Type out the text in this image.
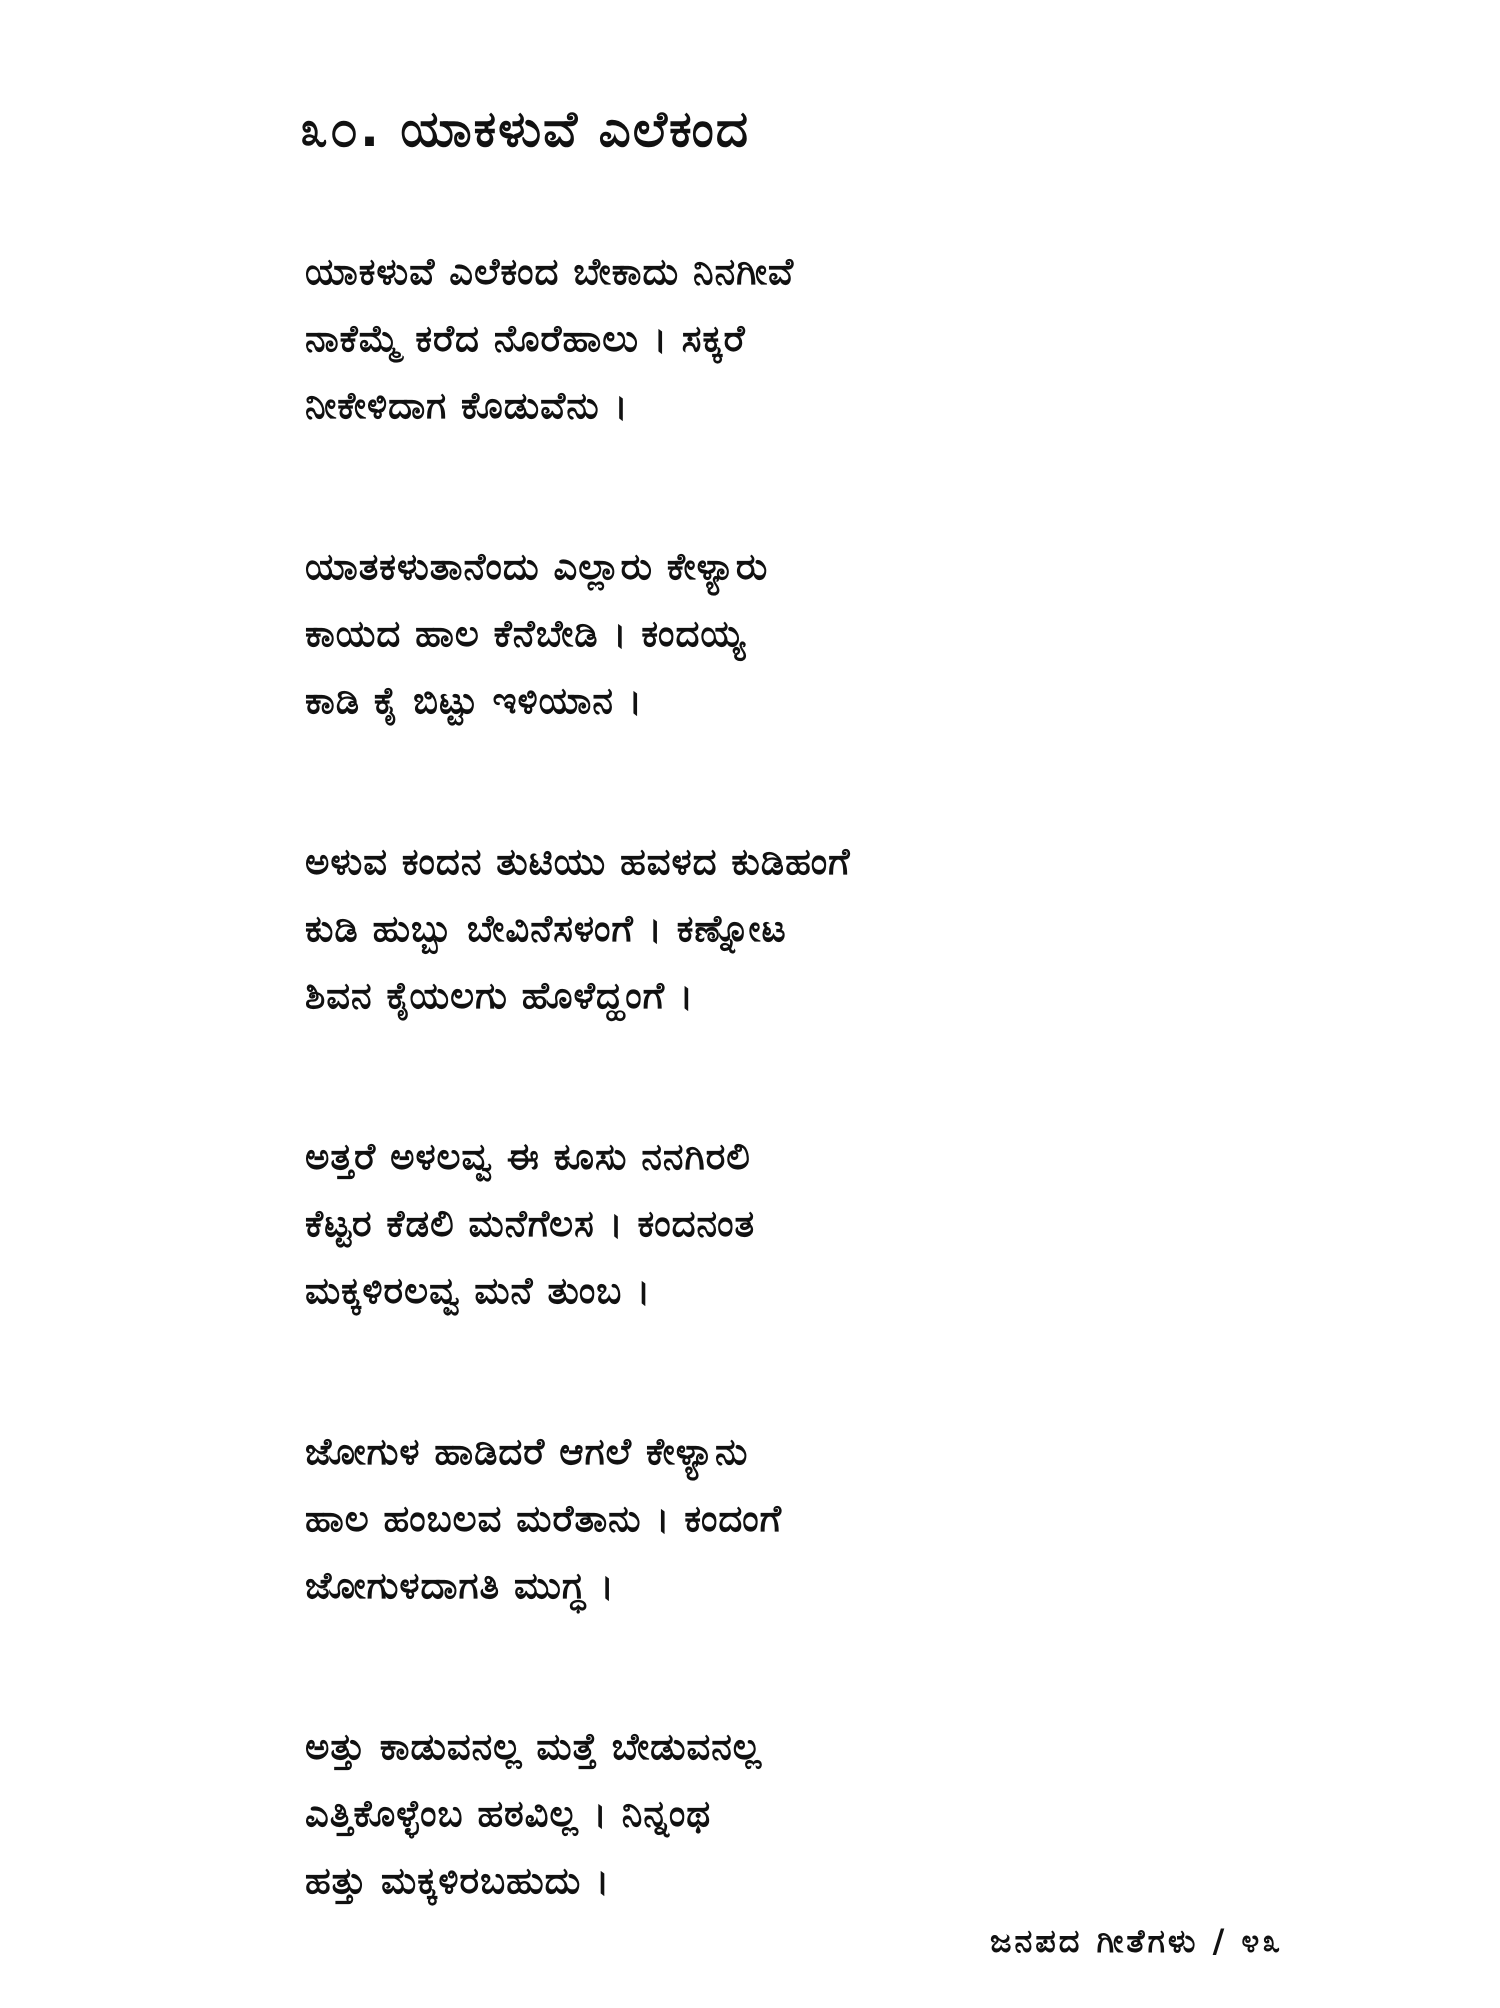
೩೦. ಯಾಕಳುವೆ ಎಲೆಕಂದ
ಯಾಕಳುವೆ ಎಲೆಕಂದ ಬೇಕಾದು ನಿನಗೀವೆ
ನಾಕೆಮ್ಮೆ ಕರೆದ ನೊರೆಹಾಲು । ಸಕ್ಕರೆ
ನೀಕೇಳಿದಾಗ ಕೊಡುವೆನು ।
ಯಾತಕಳುತಾನೆಂದು ಎಲ್ಲಾರು ಕೇಳ್ಯಾರು
ಕಾಯದ ಹಾಲ ಕೆನೆಬೇಡಿ । ಕಂದಯ್ಯ
ಕಾಡಿ ಕೈ ಬಿಟ್ಟು ಇಳಿಯಾನ ।
ಅಳುವ ಕಂದನ ತುಟಿಯು ಹವಳದ ಕುಡಿಹಂಗೆ
ಕುಡಿ ಹುಬ್ಬು ಬೇವಿನೆಸಳಂಗೆ । ಕಣ್ನೋಟ
ಶಿವನ ಕೈಯಲಗು ಹೊಳೆದ್ಹಂಗೆ ।
ಅತ್ತರೆ ಅಳಲವ್ವ ಈ ಕೂಸು ನನಗಿರಲಿ
ಕೆಟ್ಟರ ಕೆಡಲಿ ಮನೆಗೆಲಸ । ಕಂದನಂತ
ಮಕ್ಕಳಿರಲವ್ವ ಮನೆ ತುಂಬ ।
ಜೋಗುಳ ಹಾಡಿದರೆ ಆಗಲೆ ಕೇಳ್ಯಾನು
ಹಾಲ ಹಂಬಲವ ಮರೆತಾನು । ಕಂದಂಗೆ
ಜೋಗುಳದಾಗತಿ ಮುಗ್ಧ ।
ಅತ್ತು ಕಾಡುವನಲ್ಲ ಮತ್ತೆ ಬೇಡುವನಲ್ಲ
ಎತ್ತಿಕೊಳ್ಳೆಂಬ ಹಠವಿಲ್ಲ । ನಿನ್ನಂಥ
ಹತ್ತು ಮಕ್ಕಳಿರಬಹುದು ।
ಜನಪದ ಗೀತೆಗಳು / ೪೩
